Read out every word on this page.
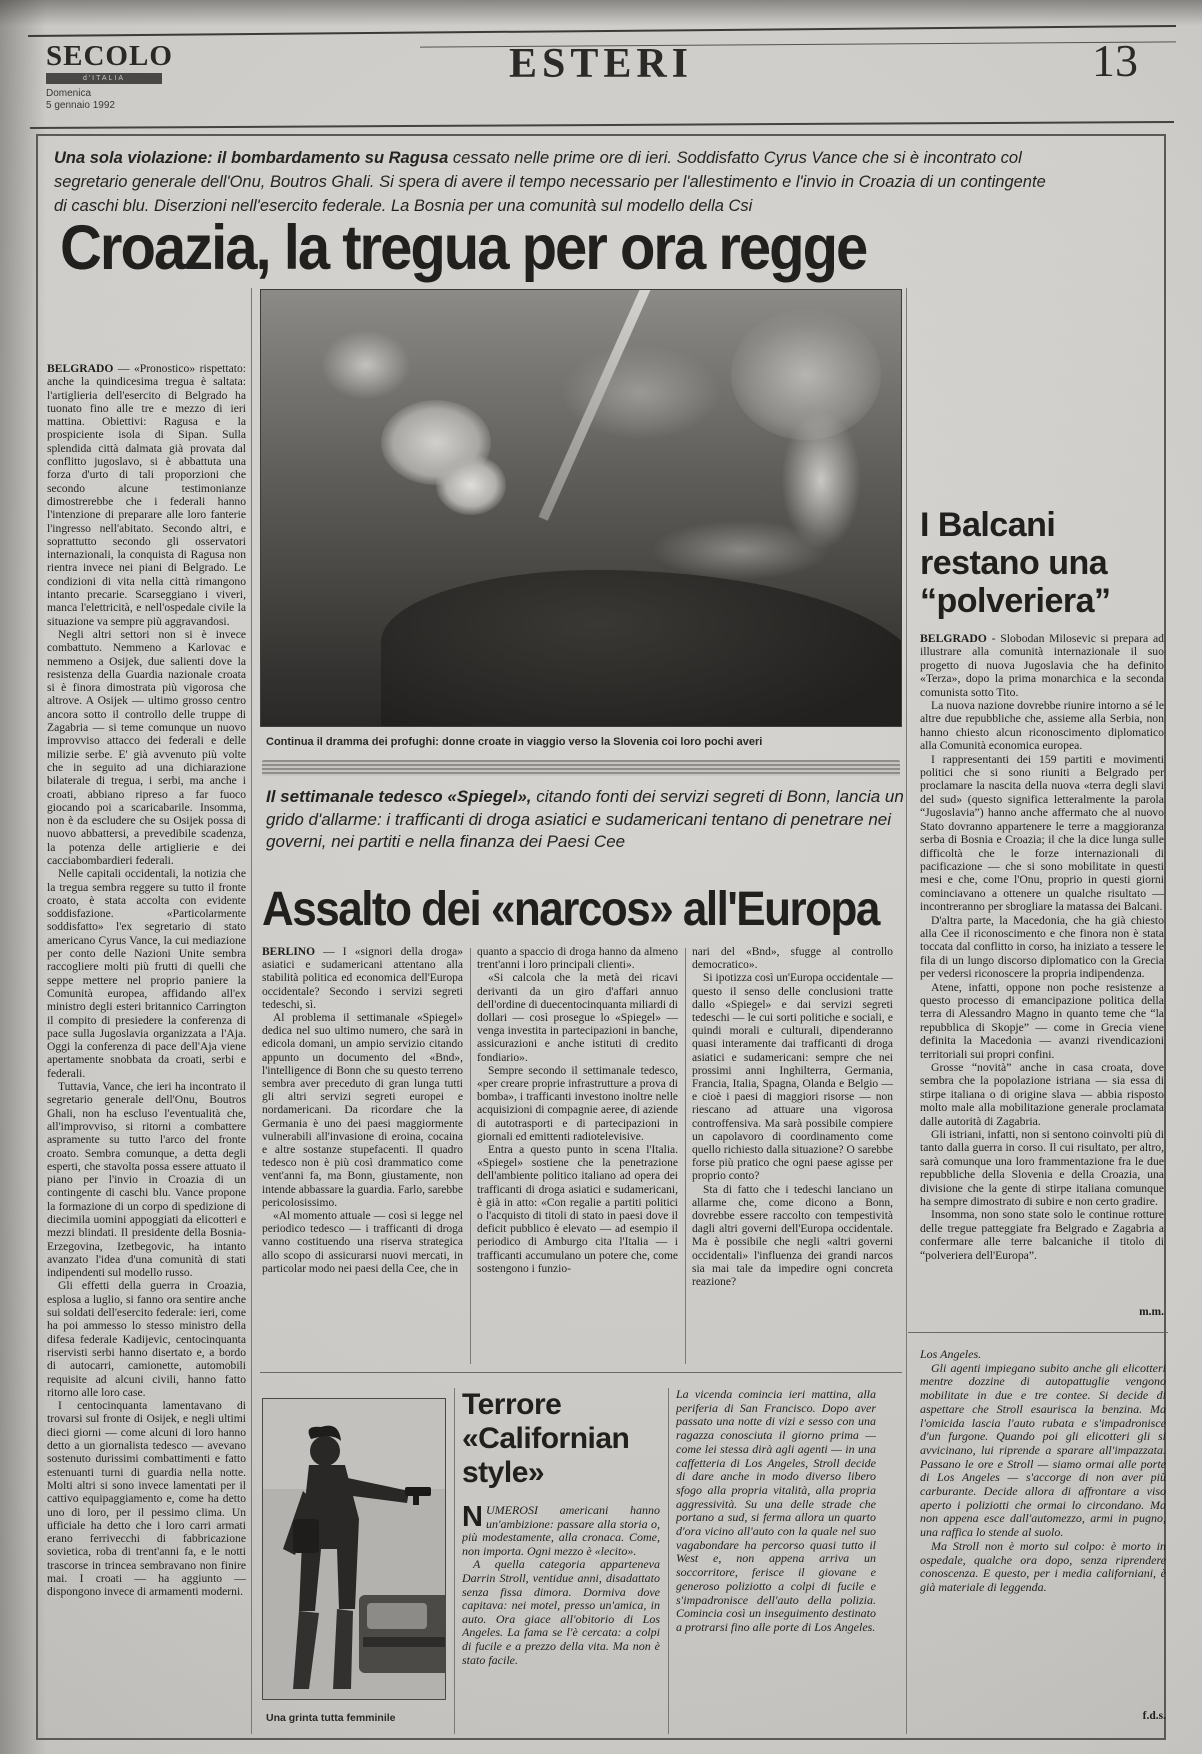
SECOLO
d'ITALIA
Domenica
5 gennaio 1992
ESTERI	13
Una sola violazione: il bombardamento su Ragusa cessato nelle prime ore di ieri. Soddisfatto Cyrus Vance che si è incontrato col segretario generale dell'Onu, Boutros Ghali. Si spera di avere il tempo necessario per l'allestimento e l'invio in Croazia di un contingente di caschi blu. Diserzioni nell'esercito federale. La Bosnia per una comunità sul modello della Csi
Croazia, la tregua per ora regge

BELGRADO — «Pronostico» rispettato: anche la quindicesima tregua è saltata: l'artiglieria dell'esercito di Belgrado ha tuonato fino alle tre e mezzo di ieri mattina. Obiettivi: Ragusa e la prospiciente isola di Sipan. Sulla splendida città dalmata già provata dal conflitto jugoslavo, si è abbattuta una forza d'urto di tali proporzioni che secondo alcune testimonianze dimostrerebbe che i federali hanno l'intenzione di preparare alle loro fanterie l'ingresso nell'abitato. Secondo altri, e soprattutto secondo gli osservatori internazionali, la conquista di Ragusa non rientra invece nei piani di Belgrado. Le condizioni di vita nella città rimangono intanto precarie. Scarseggiano i viveri, manca l'elettricità, e nell'ospedale civile la situazione va sempre più aggravandosi.

Negli altri settori non si è invece combattuto. Nemmeno a Karlovac e nemmeno a Osijek, due salienti dove la resistenza della Guardia nazionale croata si è finora dimostrata più vigorosa che altrove. A Osijek — ultimo grosso centro ancora sotto il controllo delle truppe di Zagabria — si teme comunque un nuovo improvviso attacco dei federali e delle milizie serbe. E' già avvenuto più volte che in seguito ad una dichiarazione bilaterale di tregua, i serbi, ma anche i croati, abbiano ripreso a far fuoco giocando poi a scaricabarile. Insomma, non è da escludere che su Osijek possa di nuovo abbattersi, a prevedibile scadenza, la potenza delle artiglierie e dei cacciabombardieri federali.

Nelle capitali occidentali, la notizia che la tregua sembra reggere su tutto il fronte croato, è stata accolta con evidente soddisfazione. «Particolarmente soddisfatto» l'ex segretario di stato americano Cyrus Vance, la cui mediazione per conto delle Nazioni Unite sembra raccogliere molti più frutti di quelli che seppe mettere nel proprio paniere la Comunità europea, affidando all'ex ministro degli esteri britannico Carrington il compito di presiedere la conferenza di pace sulla Jugoslavia organizzata a l'Aja. Oggi la conferenza di pace dell'Aja viene apertamente snobbata da croati, serbi e federali.

Tuttavia, Vance, che ieri ha incontrato il segretario generale dell'Onu, Boutros Ghali, non ha escluso l'eventualità che, all'improvviso, si ritorni a combattere aspramente su tutto l'arco del fronte croato. Sembra comunque, a detta degli esperti, che stavolta possa essere attuato il piano per l'invio in Croazia di un contingente di caschi blu. Vance propone la formazione di un corpo di spedizione di diecimila uomini appoggiati da elicotteri e mezzi blindati. Il presidente della Bosnia-Erzegovina, Izetbegovic, ha intanto avanzato l'idea d'una comunità di stati indipendenti sul modello russo.

Gli effetti della guerra in Croazia, esplosa a luglio, si fanno ora sentire anche sui soldati dell'esercito federale: ieri, come ha poi ammesso lo stesso ministro della difesa federale Kadijevic, centocinquanta riservisti serbi hanno disertato e, a bordo di autocarri, camionette, automobili requisite ad alcuni civili, hanno fatto ritorno alle loro case.

I centocinquanta lamentavano di trovarsi sul fronte di Osijek, e negli ultimi dieci giorni — come alcuni di loro hanno detto a un giornalista tedesco — avevano sostenuto durissimi combattimenti e fatto estenuanti turni di guardia nella notte. Molti altri si sono invece lamentati per il cattivo equipaggiamento e, come ha detto uno di loro, per il pessimo clima. Un ufficiale ha detto che i loro carri armati erano ferrivecchi di fabbricazione sovietica, roba di trent'anni fa, e le notti trascorse in trincea sembravano non finire mai. I croati — ha aggiunto — dispongono invece di armamenti moderni.

Continua il dramma dei profughi: donne croate in viaggio verso la Slovenia coi loro pochi averi
Il settimanale tedesco «Spiegel», citando fonti dei servizi segreti di Bonn, lancia un grido d'allarme: i trafficanti di droga asiatici e sudamericani tentano di penetrare nei governi, nei partiti e nella finanza dei Paesi Cee
Assalto dei «narcos» all'Europa

BERLINO — I «signori della droga» asiatici e sudamericani attentano alla stabilità politica ed economica dell'Europa occidentale? Secondo i servizi segreti tedeschi, sì.

Al problema il settimanale «Spiegel» dedica nel suo ultimo numero, che sarà in edicola domani, un ampio servizio citando appunto un documento del «Bnd», l'intelligence di Bonn che su questo terreno sembra aver preceduto di gran lunga tutti gli altri servizi segreti europei e nordamericani. Da ricordare che la Germania è uno dei paesi maggiormente vulnerabili all'invasione di eroina, cocaina e altre sostanze stupefacenti. Il quadro tedesco non è più così drammatico come vent'anni fa, ma Bonn, giustamente, non intende abbassare la guardia. Farlo, sarebbe pericolosissimo.

«Al momento attuale — così si legge nel periodico tedesco — i trafficanti di droga vanno costituendo una riserva strategica allo scopo di assicurarsi nuovi mercati, in particolar modo nei paesi della Cee, che in

quanto a spaccio di droga hanno da almeno trent'anni i loro principali clienti».

«Si calcola che la metà dei ricavi derivanti da un giro d'affari annuo dell'ordine di duecentocinquanta miliardi di dollari — così prosegue lo «Spiegel» — venga investita in partecipazioni in banche, assicurazioni e anche istituti di credito fondiario».

Sempre secondo il settimanale tedesco, «per creare proprie infrastrutture a prova di bomba», i trafficanti investono inoltre nelle acquisizioni di compagnie aeree, di aziende di autotrasporti e di partecipazioni in giornali ed emittenti radiotelevisive.

Entra a questo punto in scena l'Italia. «Spiegel» sostiene che la penetrazione dell'ambiente politico italiano ad opera dei trafficanti di droga asiatici e sudamericani, è già in atto: «Con regalie a partiti politici o l'acquisto di titoli di stato in paesi dove il deficit pubblico è elevato — ad esempio il periodico di Amburgo cita l'Italia — i trafficanti accumulano un potere che, come sostengono i funzio-

nari del «Bnd», sfugge al controllo democratico».

Si ipotizza così un'Europa occidentale — questo il senso delle conclusioni tratte dallo «Spiegel» e dai servizi segreti tedeschi — le cui sorti politiche e sociali, e quindi morali e culturali, dipenderanno quasi interamente dai trafficanti di droga asiatici e sudamericani: sempre che nei prossimi anni Inghilterra, Germania, Francia, Italia, Spagna, Olanda e Belgio — e cioè i paesi di maggiori risorse — non riescano ad attuare una vigorosa controffensiva. Ma sarà possibile compiere un capolavoro di coordinamento come quello richiesto dalla situazione? O sarebbe forse più pratico che ogni paese agisse per proprio conto?

Sta di fatto che i tedeschi lanciano un allarme che, come dicono a Bonn, dovrebbe essere raccolto con tempestività dagli altri governi dell'Europa occidentale. Ma è possibile che negli «altri governi occidentali» l'influenza dei grandi narcos sia mai tale da impedire ogni concreta reazione?

Una grinta tutta femminile
Terrore
«Californian
style»

NUMEROSI americani hanno un'ambizione: passare alla storia o, più modestamente, alla cronaca. Come, non importa. Ogni mezzo è «lecito».

A quella categoria apparteneva Darrin Stroll, ventidue anni, disadattato senza fissa dimora. Dormiva dove capitava: nei motel, presso un'amica, in auto. Ora giace all'obitorio di Los Angeles. La fama se l'è cercata: a colpi di fucile e a prezzo della vita. Ma non è stato facile.

La vicenda comincia ieri mattina, alla periferia di San Francisco. Dopo aver passato una notte di vizi e sesso con una ragazza conosciuta il giorno prima — come lei stessa dirà agli agenti — in una caffetteria di Los Angeles, Stroll decide di dare anche in modo diverso libero sfogo alla propria vitalità, alla propria aggressività. Su una delle strade che portano a sud, si ferma allora un quarto d'ora vicino all'auto con la quale nel suo vagabondare ha percorso quasi tutto il West e, non appena arriva un soccorritore, ferisce il giovane e generoso poliziotto a colpi di fucile e s'impadronisce dell'auto della polizia. Comincia così un inseguimento destinato a protrarsi fino alle porte di Los Angeles.

I Balcani
restano una
“polveriera”

BELGRADO - Slobodan Milosevic si prepara ad illustrare alla comunità internazionale il suo progetto di nuova Jugoslavia che ha definito «Terza», dopo la prima monarchica e la seconda comunista sotto Tito.

La nuova nazione dovrebbe riunire intorno a sé le altre due repubbliche che, assieme alla Serbia, non hanno chiesto alcun riconoscimento diplomatico alla Comunità economica europea.

I rappresentanti dei 159 partiti e movimenti politici che si sono riuniti a Belgrado per proclamare la nascita della nuova «terra degli slavi del sud» (questo significa letteralmente la parola “Jugoslavia”) hanno anche affermato che al nuovo Stato dovranno appartenere le terre a maggioranza serba di Bosnia e Croazia; il che la dice lunga sulle difficoltà che le forze internazionali di pacificazione — che si sono mobilitate in questi mesi e che, come l'Onu, proprio in questi giorni cominciavano a ottenere un qualche risultato — incontreranno per sbrogliare la matassa dei Balcani.

D'altra parte, la Macedonia, che ha già chiesto alla Cee il riconoscimento e che finora non è stata toccata dal conflitto in corso, ha iniziato a tessere le fila di un lungo discorso diplomatico con la Grecia per vedersi riconoscere la propria indipendenza.

Atene, infatti, oppone non poche resistenze a questo processo di emancipazione politica della terra di Alessandro Magno in quanto teme che “la repubblica di Skopje” — come in Grecia viene definita la Macedonia — avanzi rivendicazioni territoriali sui propri confini.

Grosse “novità” anche in casa croata, dove sembra che la popolazione istriana — sia essa di stirpe italiana o di origine slava — abbia risposto molto male alla mobilitazione generale proclamata dalle autorità di Zagabria.

Gli istriani, infatti, non si sentono coinvolti più di tanto dalla guerra in corso. Il cui risultato, per altro, sarà comunque una loro frammentazione fra le due repubbliche della Slovenia e della Croazia, una divisione che la gente di stirpe italiana comunque ha sempre dimostrato di subire e non certo gradire.

Insomma, non sono state solo le continue rotture delle tregue patteggiate fra Belgrado e Zagabria a confermare alle terre balcaniche il titolo di “polveriera dell'Europa”.

m.m.

Los Angeles.

Gli agenti impiegano subito anche gli elicotteri mentre dozzine di autopattuglie vengono mobilitate in due e tre contee. Si decide di aspettare che Stroll esaurisca la benzina. Ma l'omicida lascia l'auto rubata e s'impadronisce d'un furgone. Quando poi gli elicotteri gli si avvicinano, lui riprende a sparare all'impazzata. Passano le ore e Stroll — siamo ormai alle porte di Los Angeles — s'accorge di non aver più carburante. Decide allora di affrontare a viso aperto i poliziotti che ormai lo circondano. Ma non appena esce dall'automezzo, armi in pugno, una raffica lo stende al suolo.

Ma Stroll non è morto sul colpo: è morto in ospedale, qualche ora dopo, senza riprendere conoscenza. E questo, per i media californiani, è già materiale di leggenda.

f.d.s.
